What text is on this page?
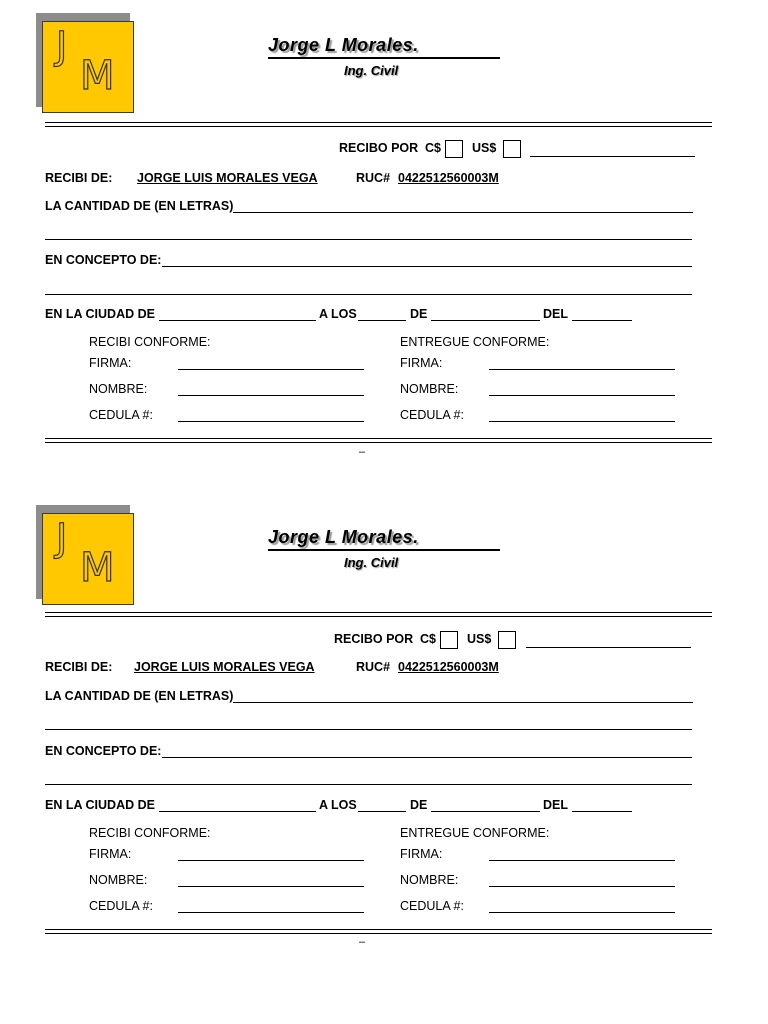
J
M
Jorge L Morales.
Ing. Civil
RECIBO POR C$ US$
RECIBI DE: JORGE LUIS MORALES VEGA	RUC# 0422512560003M
LA CANTIDAD DE (EN LETRAS)
EN CONCEPTO DE:
EN LA CIUDAD DE	A LOS	DE	DEL
RECIBI CONFORME:	ENTREGUE CONFORME:
FIRMA:	FIRMA:
NOMBRE:	NOMBRE:
CEDULA #:	CEDULA #:
–
J
M
Jorge L Morales.
Ing. Civil
RECIBO POR C$ US$
RECIBI DE: JORGE LUIS MORALES VEGA	RUC# 0422512560003M
LA CANTIDAD DE (EN LETRAS)
EN CONCEPTO DE:
EN LA CIUDAD DE	A LOS	DE	DEL
RECIBI CONFORME:	ENTREGUE CONFORME:
FIRMA:	FIRMA:
NOMBRE:	NOMBRE:
CEDULA #:	CEDULA #:
–
